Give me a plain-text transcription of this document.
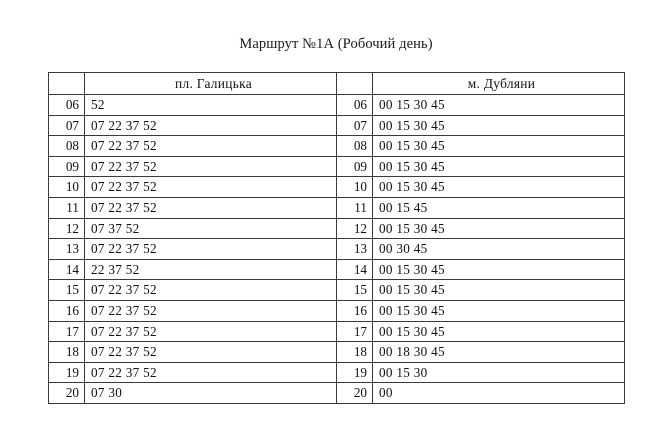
Маршрут №1А (Робочий день)
	пл. Галицька		м. Дубляни
06	52	06	00 15 30 45
07	07 22 37 52	07	00 15 30 45
08	07 22 37 52	08	00 15 30 45
09	07 22 37 52	09	00 15 30 45
10	07 22 37 52	10	00 15 30 45
11	07 22 37 52	11	00 15 45
12	07 37 52	12	00 15 30 45
13	07 22 37 52	13	00 30 45
14	22 37 52	14	00 15 30 45
15	07 22 37 52	15	00 15 30 45
16	07 22 37 52	16	00 15 30 45
17	07 22 37 52	17	00 15 30 45
18	07 22 37 52	18	00 18 30 45
19	07 22 37 52	19	00 15 30
20	07 30	20	00
